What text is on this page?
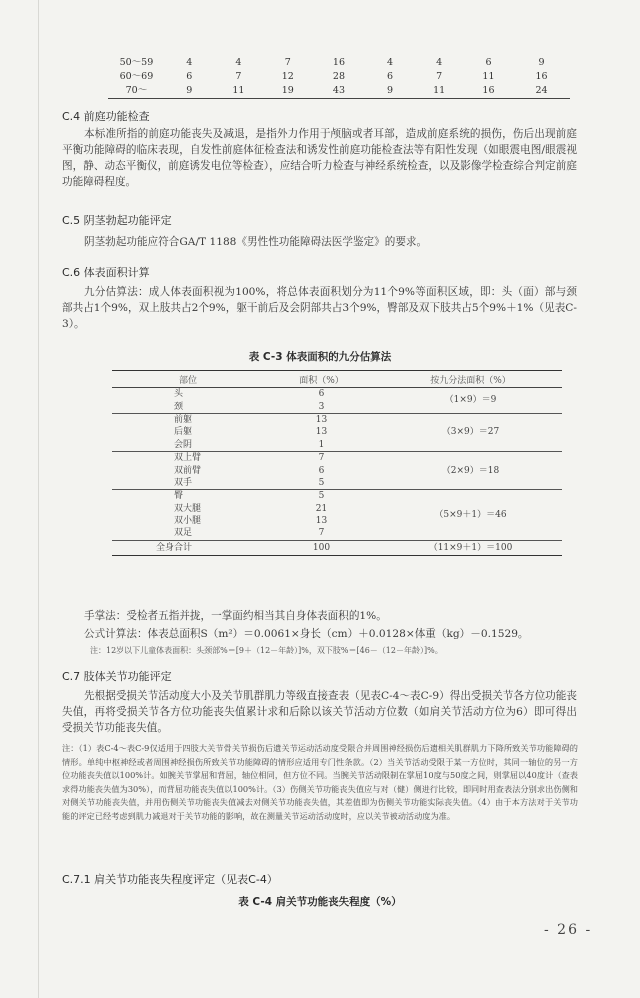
50～59	4	4	7	16	4	4	6	9
60～69	6	7	12	28	6	7	11	16
70～	9	11	19	43	9	11	16	24
C.4 前庭功能检查

本标准所指的前庭功能丧失及减退，是指外力作用于颅脑或者耳部，造成前庭系统的损伤，伤后出现前庭平衡功能障碍的临床表现，自发性前庭体征检查法和诱发性前庭功能检查法等有阳性发现（如眼震电图/眼震视图，静、动态平衡仪，前庭诱发电位等检查），应结合听力检查与神经系统检查，以及影像学检查综合判定前庭功能障碍程度。

C.5 阴茎勃起功能评定

阴茎勃起功能应符合GA/T 1188《男性性功能障碍法医学鉴定》的要求。

C.6 体表面积计算

九分估算法：成人体表面积视为100%，将总体表面积划分为11个9%等面积区域，即：头（面）部与颈部共占1个9%，双上肢共占2个9%，躯干前后及会阴部共占3个9%，臀部及双下肢共占5个9%＋1%（见表C-3）。

表 C-3 体表面积的九分估算法
部位	面积（%）	按九分法面积（%）
头	6	（1×9）＝9
颈	3	
前躯	13	（3×9）＝27
后躯	13	
会阴	1	
双上臂	7	（2×9）＝18
双前臂	6	
双手	5	
臀	5	（5×9＋1）＝46
双大腿	21	
双小腿	13	
双足	7	
全身合计	100	（11×9＋1）＝100
手掌法：受检者五指并拢，一掌面约相当其自身体表面积的1%。
公式计算法：体表总面积S（m²）＝0.0061×身长（cm）＋0.0128×体重（kg）－0.1529。
注：12岁以下儿童体表面积：头颈部%＝[9＋（12－年龄）]%，双下肢%＝[46－（12－年龄）]%。
C.7 肢体关节功能评定

先根据受损关节活动度大小及关节肌群肌力等级直接查表（见表C-4～表C-9）得出受损关节各方位功能丧失值，再将受损关节各方位功能丧失值累计求和后除以该关节活动方位数（如肩关节活动方位为6）即可得出受损关节功能丧失值。

注：（1）表C-4～表C-9仅适用于四肢大关节骨关节损伤后遗关节运动活动度受限合并周围神经损伤后遗相关肌群肌力下降所致关节功能障碍的情形。单纯中枢神经或者周围神经损伤所致关节功能障碍的情形应适用专门性条款。（2）当关节活动受限于某一方位时，其同一轴位的另一方位功能丧失值以100%计。如腕关节掌屈和背屈，轴位相同，但方位不同。当腕关节活动限制在掌屈10度与50度之间，则掌屈以40度计（查表求得功能丧失值为30%），而背屈功能丧失值以100%计。（3）伤侧关节功能丧失值应与对（健）侧进行比较，即同时用查表法分别求出伤侧和对侧关节功能丧失值，并用伤侧关节功能丧失值减去对侧关节功能丧失值，其差值即为伤侧关节功能实际丧失值。（4）由于本方法对于关节功能的评定已经考虑到肌力减退对于关节功能的影响，故在测量关节运动活动度时，应以关节被动活动度为准。

C.7.1 肩关节功能丧失程度评定（见表C-4）
表 C-4 肩关节功能丧失程度（%）
- 26 -
